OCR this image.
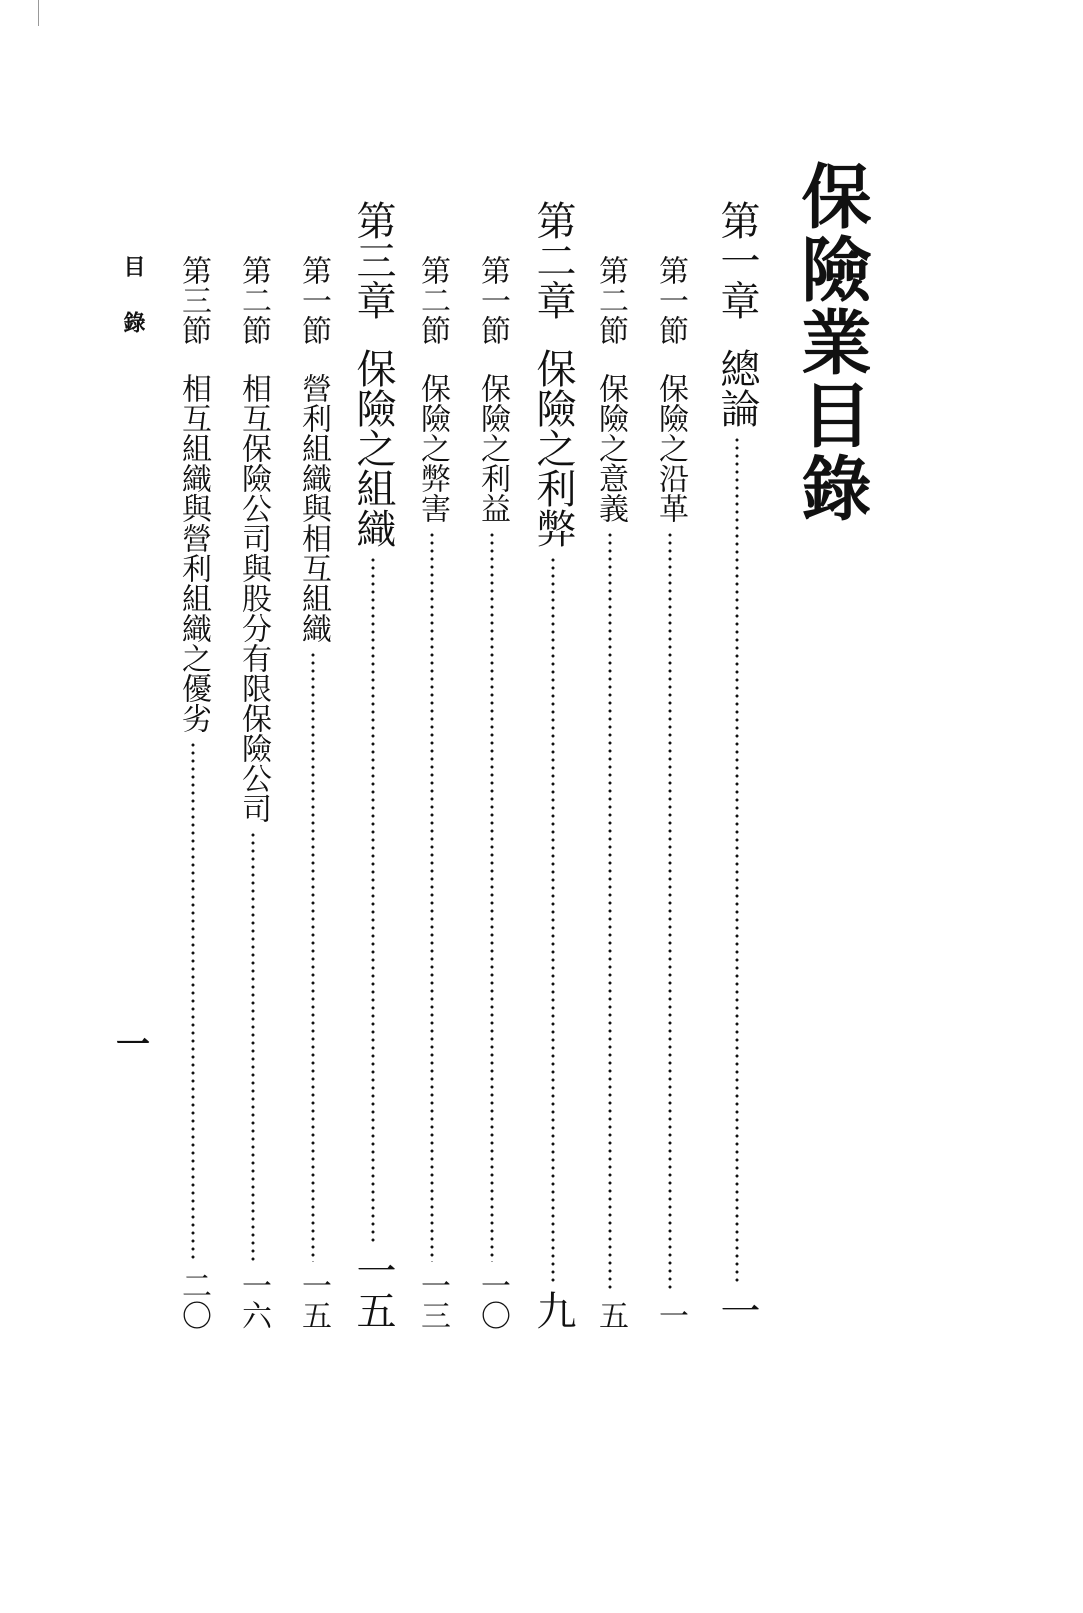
保險業目錄
第一章
總論
一
第一節
保險之沿革
一
第二節
保險之意義
五
第二章
保險之利弊
九
第一節
保險之利益
一〇
第二節
保險之弊害
一三
第三章
保險之組織
一五
第一節
營利組織與相互組織
一五
第二節
相互保險公司與股分有限保險公司
一六
第三節
相互組織與營利組織之優劣
二〇
目錄
一
